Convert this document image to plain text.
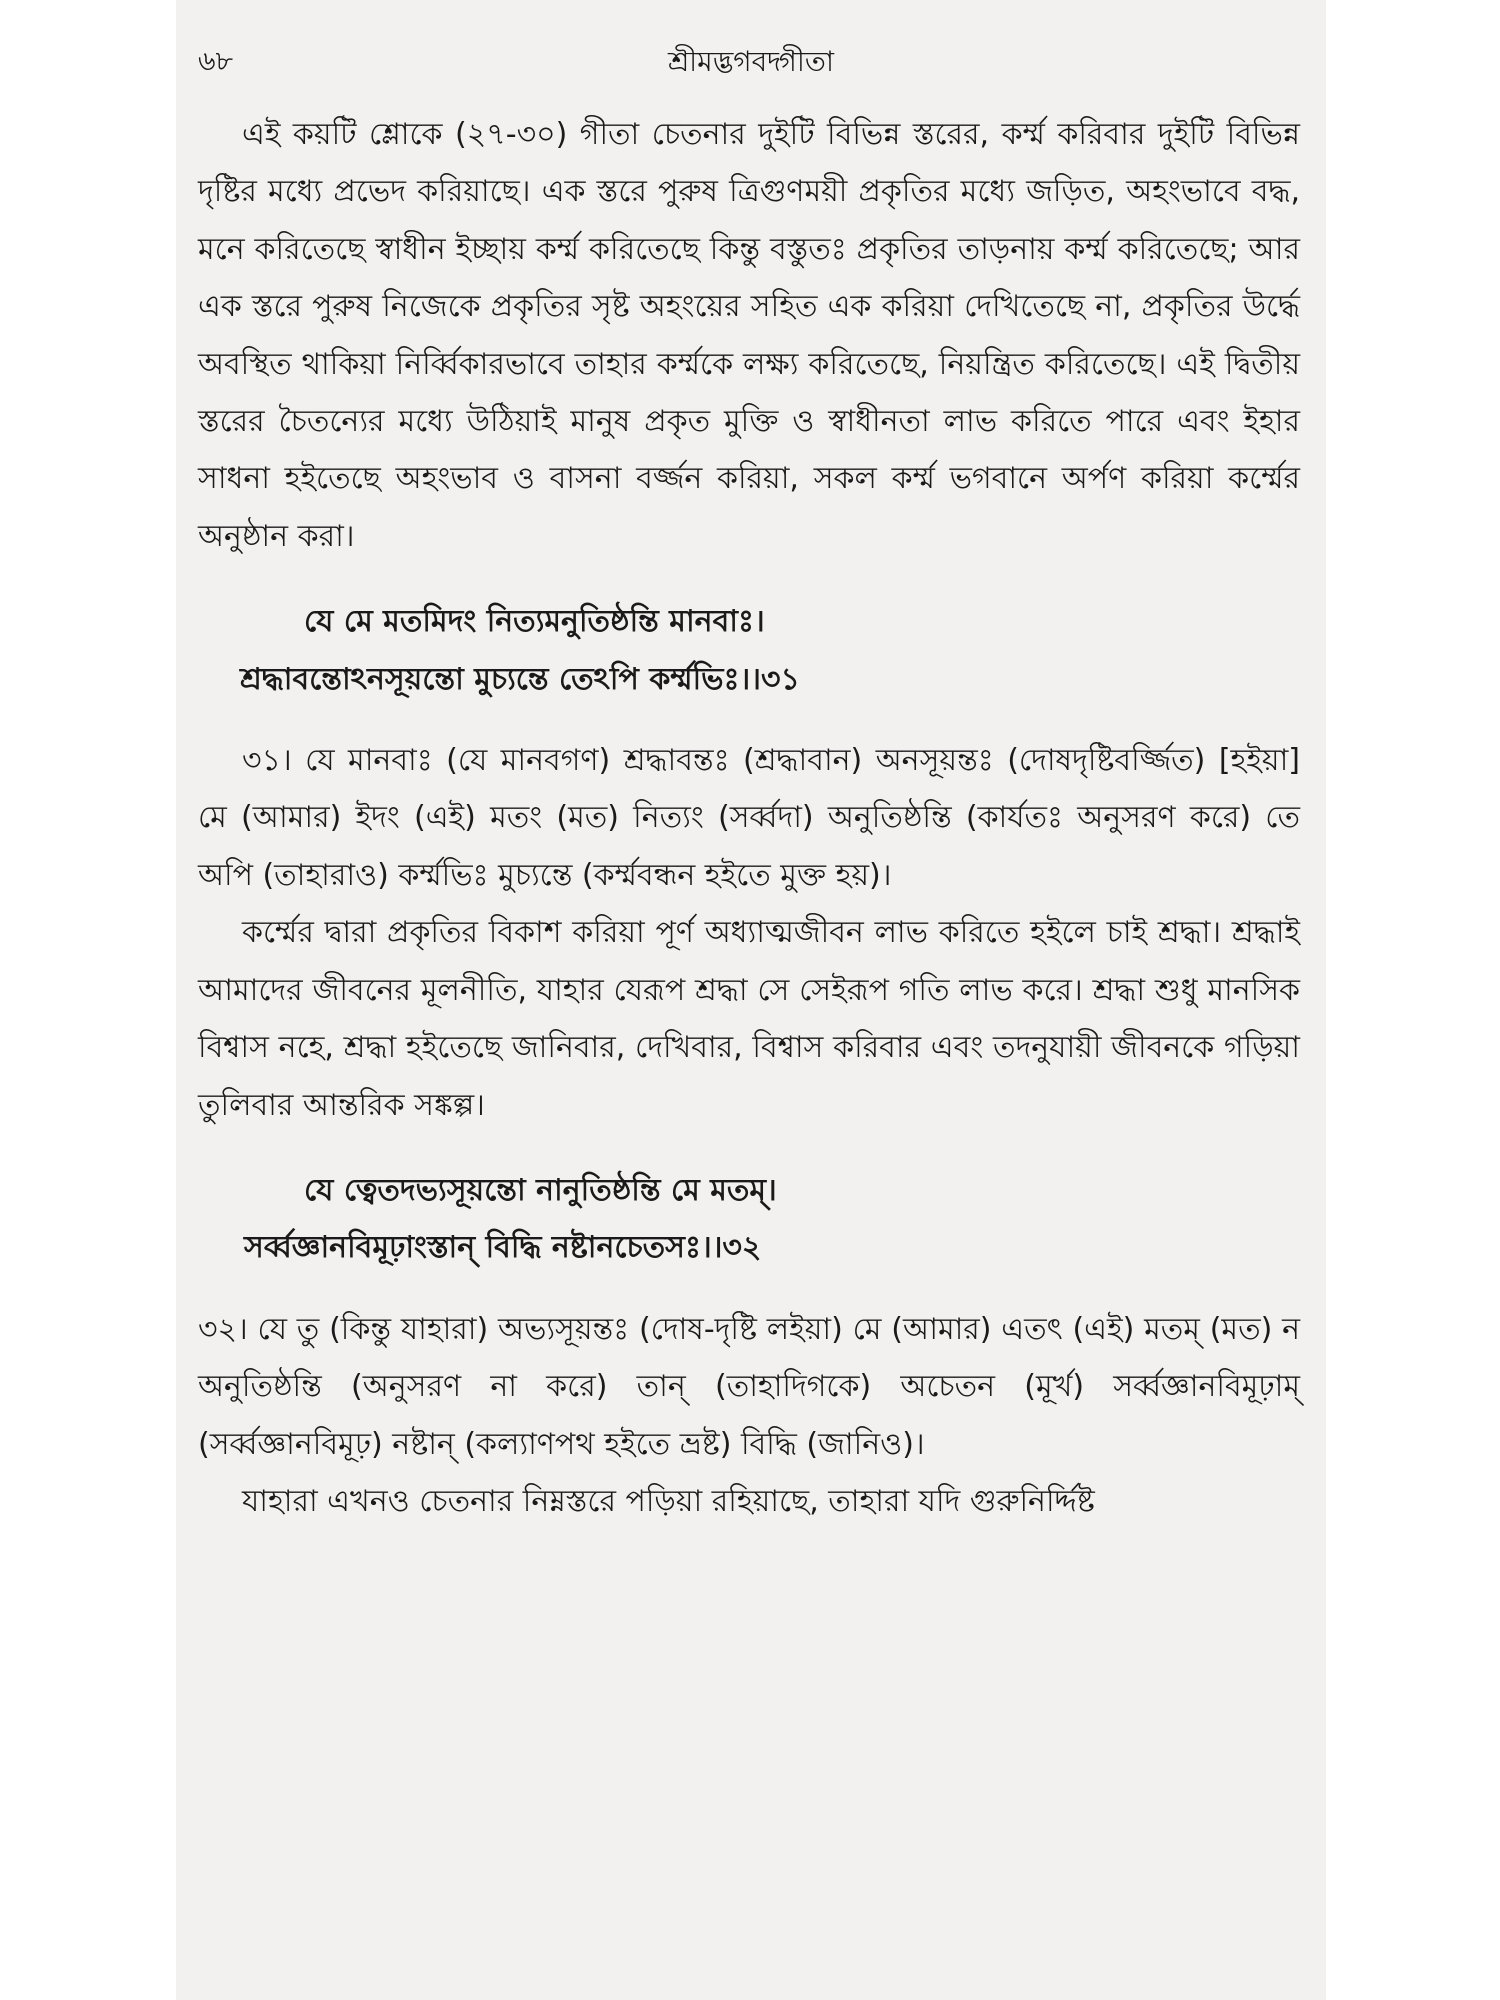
৬৮	শ্রীমদ্ভগবদ্গীতা

এই কয়টি শ্লোকে (২৭-৩০) গীতা চেতনার দুইটি বিভিন্ন স্তরের, কর্ম্ম করিবার দুইটি বিভিন্ন দৃষ্টির মধ্যে প্রভেদ করিয়াছে। এক স্তরে পুরুষ ত্রিগুণময়ী প্রকৃতির মধ্যে জড়িত, অহংভাবে বদ্ধ, মনে করিতেছে স্বাধীন ইচ্ছায় কর্ম্ম করিতেছে কিন্তু বস্তুতঃ প্রকৃতির তাড়নায় কর্ম্ম করিতেছে; আর এক স্তরে পুরুষ নিজেকে প্রকৃতির সৃষ্ট অহংয়ের সহিত এক করিয়া দেখিতেছে না, প্রকৃতির উর্দ্ধে অবস্থিত থাকিয়া নির্ব্বিকারভাবে তাহার কর্ম্মকে লক্ষ্য করিতেছে, নিয়ন্ত্রিত করিতেছে। এই দ্বিতীয় স্তরের চৈতন্যের মধ্যে উঠিয়াই মানুষ প্রকৃত মুক্তি ও স্বাধীনতা লাভ করিতে পারে এবং ইহার সাধনা হইতেছে অহংভাব ও বাসনা বর্জ্জন করিয়া, সকল কর্ম্ম ভগবানে অর্পণ করিয়া কর্ম্মের অনুষ্ঠান করা।

যে মে মতমিদং নিত্যমনুতিষ্ঠন্তি মানবাঃ।
শ্রদ্ধাবন্তোঽনসূয়ন্তো মুচ্যন্তে তেঽপি কর্ম্মভিঃ।।৩১

৩১। যে মানবাঃ (যে মানবগণ) শ্রদ্ধাবন্তঃ (শ্রদ্ধাবান) অনসূয়ন্তঃ (দোষদৃষ্টিবর্জ্জিত) [হইয়া] মে (আমার) ইদং (এই) মতং (মত) নিত্যং (সর্ব্বদা) অনুতিষ্ঠন্তি (কার্যতঃ অনুসরণ করে) তে অপি (তাহারাও) কর্ম্মভিঃ মুচ্যন্তে (কর্ম্মবন্ধন হইতে মুক্ত হয়)।

কর্ম্মের দ্বারা প্রকৃতির বিকাশ করিয়া পূর্ণ অধ্যাত্মজীবন লাভ করিতে হইলে চাই শ্রদ্ধা। শ্রদ্ধাই আমাদের জীবনের মূলনীতি, যাহার যেরূপ শ্রদ্ধা সে সেইরূপ গতি লাভ করে। শ্রদ্ধা শুধু মানসিক বিশ্বাস নহে, শ্রদ্ধা হইতেছে জানিবার, দেখিবার, বিশ্বাস করিবার এবং তদনুযায়ী জীবনকে গড়িয়া তুলিবার আন্তরিক সঙ্কল্প।

যে ত্বেতদভ্যসূয়ন্তো নানুতিষ্ঠন্তি মে মতম্।
সর্ব্বজ্ঞানবিমূঢ়াংস্তান্ বিদ্ধি নষ্টানচেতসঃ।।৩২

৩২। যে তু (কিন্তু যাহারা) অভ্যসূয়ন্তঃ (দোষ-দৃষ্টি লইয়া) মে (আমার) এতৎ (এই) মতম্ (মত) ন অনুতিষ্ঠন্তি (অনুসরণ না করে) তান্ (তাহাদিগকে) অচেতন (মূর্খ) সর্ব্বজ্ঞানবিমূঢ়াম্ (সর্ব্বজ্ঞানবিমূঢ়) নষ্টান্ (কল্যাণপথ হইতে ভ্রষ্ট) বিদ্ধি (জানিও)।

যাহারা এখনও চেতনার নিম্নস্তরে পড়িয়া রহিয়াছে, তাহারা যদি গুরুনির্দ্দিষ্ট
